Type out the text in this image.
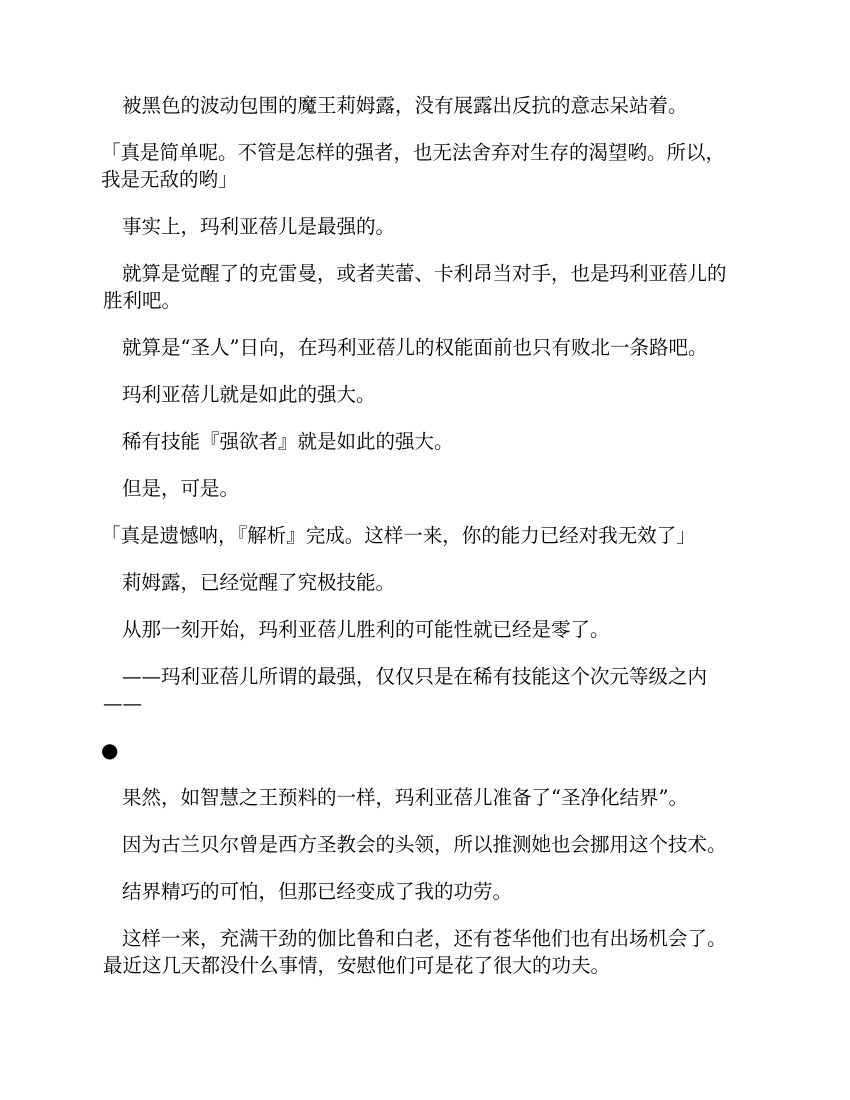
被黑色的波动包围的魔王莉姆露，没有展露出反抗的意志呆站着。

「真是简单呢。不管是怎样的强者，也无法舍弃对生存的渴望哟。所以，我是无敌的哟」

事实上，玛利亚蓓儿是最强的。

就算是觉醒了的克雷曼，或者芙蕾、卡利昂当对手，也是玛利亚蓓儿的胜利吧。

就算是“圣人”日向，在玛利亚蓓儿的权能面前也只有败北一条路吧。

玛利亚蓓儿就是如此的强大。

稀有技能『强欲者』就是如此的强大。

但是，可是。

「真是遗憾呐，『解析』完成。这样一来，你的能力已经对我无效了」

莉姆露，已经觉醒了究极技能。

从那一刻开始，玛利亚蓓儿胜利的可能性就已经是零了。

——玛利亚蓓儿所谓的最强，仅仅只是在稀有技能这个次元等级之内——

●

果然，如智慧之王预料的一样，玛利亚蓓儿准备了“圣净化结界”。

因为古兰贝尔曾是西方圣教会的头领，所以推测她也会挪用这个技术。

结界精巧的可怕，但那已经变成了我的功劳。

这样一来，充满干劲的伽比鲁和白老，还有苍华他们也有出场机会了。最近这几天都没什么事情，安慰他们可是花了很大的功夫。
